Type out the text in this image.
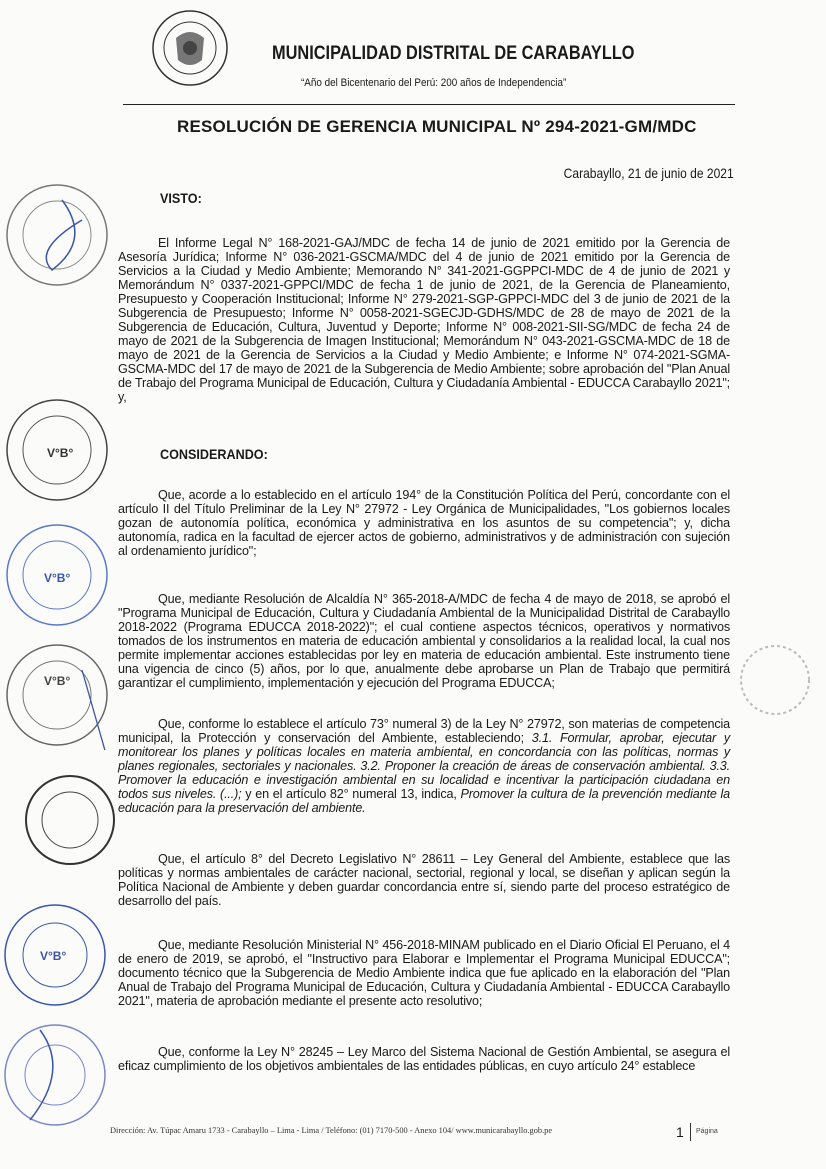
MUNICIPALIDAD DISTRITAL DE CARABAYLLO
“Año del Bicentenario del Perú: 200 años de Independencia”
RESOLUCIÓN DE GERENCIA MUNICIPAL Nº 294-2021-GM/MDC
Carabayllo, 21 de junio de 2021
VISTO:
El Informe Legal N° 168-2021-GAJ/MDC de fecha 14 de junio de 2021 emitido por la Gerencia de Asesoría Jurídica; Informe N° 036-2021-GSCMA/MDC del 4 de junio de 2021 emitido por la Gerencia de Servicios a la Ciudad y Medio Ambiente; Memorando N° 341-2021-GGPPCI-MDC de 4 de junio de 2021 y Memorándum N° 0337-2021-GPPCI/MDC de fecha 1 de junio de 2021, de la Gerencia de Planeamiento, Presupuesto y Cooperación Institucional; Informe N° 279-2021-SGP-GPPCI-MDC del 3 de junio de 2021 de la Subgerencia de Presupuesto; Informe N° 0058-2021-SGECJD-GDHS/MDC de 28 de mayo de 2021 de la Subgerencia de Educación, Cultura, Juventud y Deporte; Informe N° 008-2021-SII-SG/MDC de fecha 24 de mayo de 2021 de la Subgerencia de Imagen Institucional; Memorándum N° 043-2021-GSCMA-MDC de 18 de mayo de 2021 de la Gerencia de Servicios a la Ciudad y Medio Ambiente; e Informe N° 074-2021-SGMA-GSCMA-MDC del 17 de mayo de 2021 de la Subgerencia de Medio Ambiente; sobre aprobación del "Plan Anual de Trabajo del Programa Municipal de Educación, Cultura y Ciudadanía Ambiental - EDUCCA Carabayllo 2021"; y,
CONSIDERANDO:
Que, acorde a lo establecido en el artículo 194° de la Constitución Política del Perú, concordante con el artículo II del Título Preliminar de la Ley N° 27972 - Ley Orgánica de Municipalidades, "Los gobiernos locales gozan de autonomía política, económica y administrativa en los asuntos de su competencia"; y, dicha autonomía, radica en la facultad de ejercer actos de gobierno, administrativos y de administración con sujeción al ordenamiento jurídico";
Que, mediante Resolución de Alcaldía N° 365-2018-A/MDC de fecha 4 de mayo de 2018, se aprobó el "Programa Municipal de Educación, Cultura y Ciudadanía Ambiental de la Municipalidad Distrital de Carabayllo 2018-2022 (Programa EDUCCA 2018-2022)"; el cual contiene aspectos técnicos, operativos y normativos tomados de los instrumentos en materia de educación ambiental y consolidarios a la realidad local, la cual nos permite implementar acciones establecidas por ley en materia de educación ambiental. Este instrumento tiene una vigencia de cinco (5) años, por lo que, anualmente debe aprobarse un Plan de Trabajo que permitirá garantizar el cumplimiento, implementación y ejecución del Programa EDUCCA;
Que, conforme lo establece el artículo 73° numeral 3) de la Ley N° 27972, son materias de competencia municipal, la Protección y conservación del Ambiente, estableciendo; 3.1. Formular, aprobar, ejecutar y monitorear los planes y políticas locales en materia ambiental, en concordancia con las políticas, normas y planes regionales, sectoriales y nacionales. 3.2. Proponer la creación de áreas de conservación ambiental. 3.3. Promover la educación e investigación ambiental en su localidad e incentivar la participación ciudadana en todos sus niveles. (...); y en el artículo 82° numeral 13, indica, Promover la cultura de la prevención mediante la educación para la preservación del ambiente.
Que, el artículo 8° del Decreto Legislativo N° 28611 – Ley General del Ambiente, establece que las políticas y normas ambientales de carácter nacional, sectorial, regional y local, se diseñan y aplican según la Política Nacional de Ambiente y deben guardar concordancia entre sí, siendo parte del proceso estratégico de desarrollo del país.
Que, mediante Resolución Ministerial N° 456-2018-MINAM publicado en el Diario Oficial El Peruano, el 4 de enero de 2019, se aprobó, el "Instructivo para Elaborar e Implementar el Programa Municipal EDUCCA"; documento técnico que la Subgerencia de Medio Ambiente indica que fue aplicado en la elaboración del "Plan Anual de Trabajo del Programa Municipal de Educación, Cultura y Ciudadanía Ambiental - EDUCCA Carabayllo 2021", materia de aprobación mediante el presente acto resolutivo;
Que, conforme la Ley N° 28245 – Ley Marco del Sistema Nacional de Gestión Ambiental, se asegura el eficaz cumplimiento de los objetivos ambientales de las entidades públicas, en cuyo artículo 24° establece
V°B°
V°B°
V°B°
V°B°
Dirección: Av. Túpac Amaru 1733 - Carabayllo – Lima - Lima / Teléfono: (01) 7170-500 - Anexo 104/ www.municarabayllo.gob.pe	1 Página
